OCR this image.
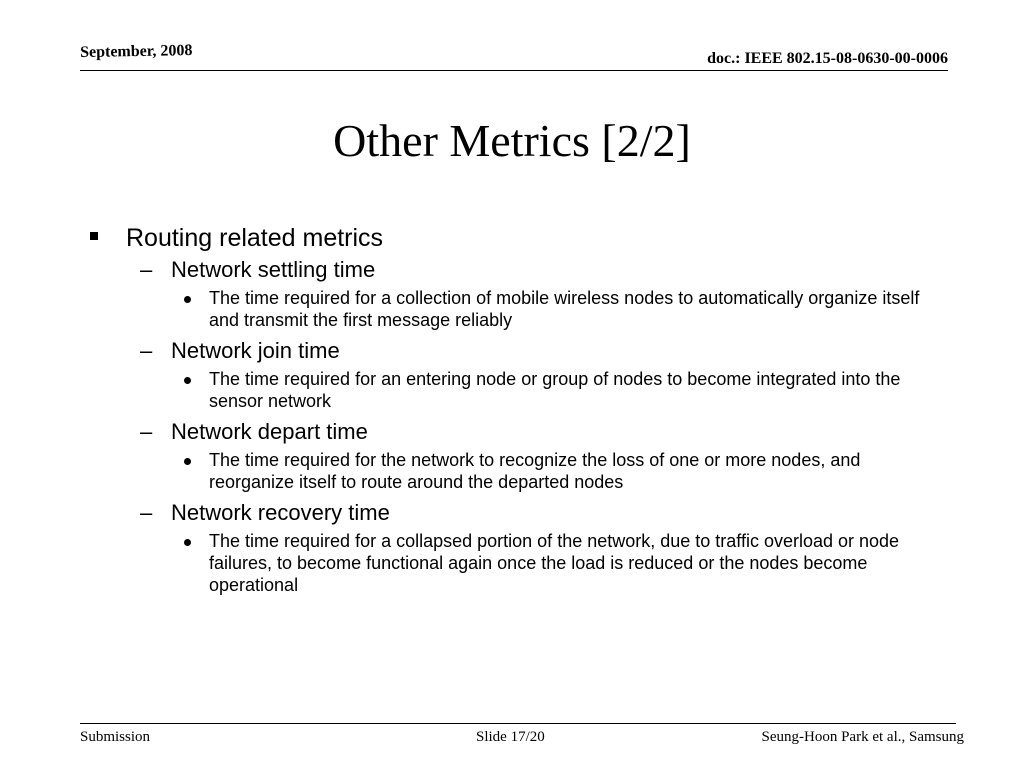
September, 2008	doc.: IEEE 802.15-08-0630-00-0006
Other Metrics [2/2]
Routing related metrics
– Network settling time
The time required for a collection of mobile wireless nodes to automatically organize itself and transmit the first message reliably
– Network join time
The time required for an entering node or group of nodes to become integrated into the sensor network
– Network depart time
The time required for the network to recognize the loss of one or more nodes, and reorganize itself to route around the departed nodes
– Network recovery time
The time required for a collapsed portion of the network, due to traffic overload or node failures, to become functional again once the load is reduced or the nodes become operational
Submission	Slide 17/20	Seung-Hoon Park et al., Samsung
